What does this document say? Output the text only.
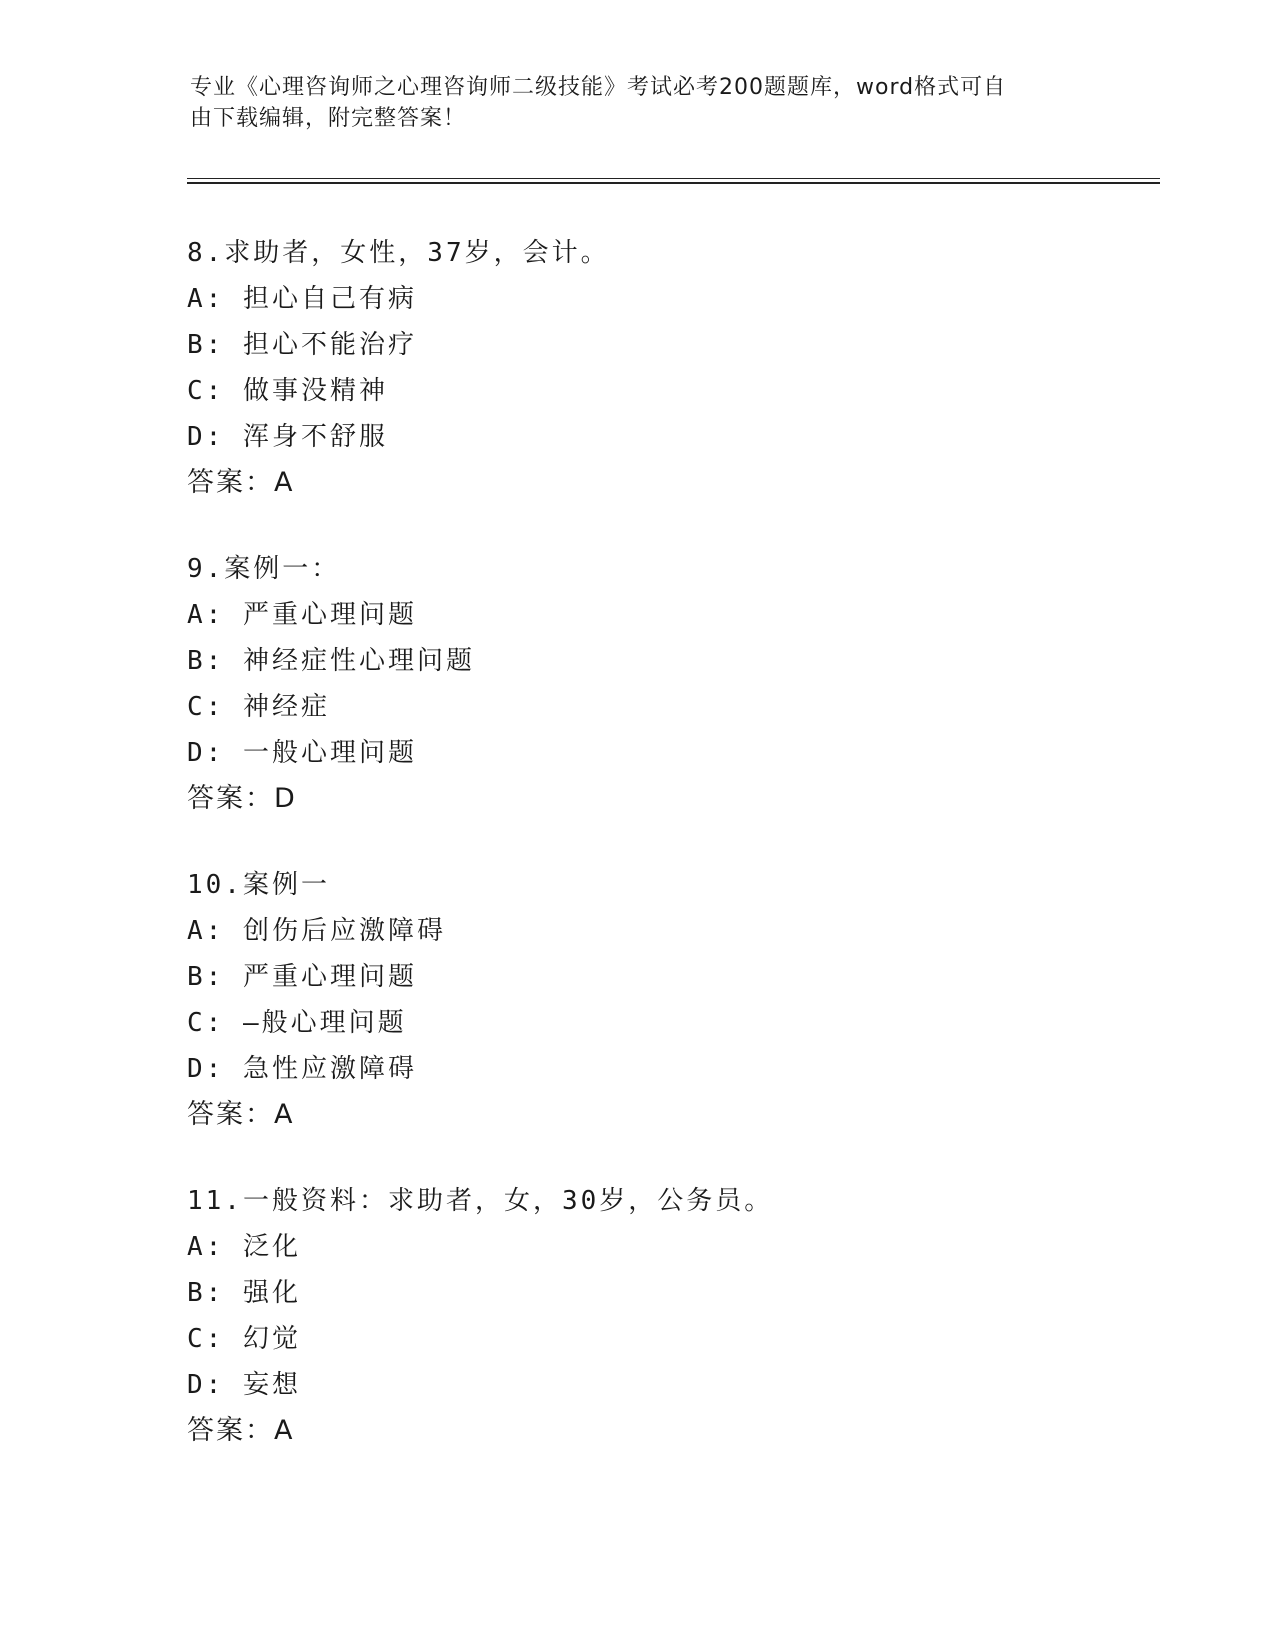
专业《心理咨询师之心理咨询师二级技能》考试必考200题题库，word格式可自
由下载编辑，附完整答案！
8.求助者，女性，37岁，会计。
A: 担心自己有病
B: 担心不能治疗
C: 做事没精神
D: 浑身不舒服
答案：A
9.案例一：
A: 严重心理问题
B: 神经症性心理问题
C: 神经症
D: 一般心理问题
答案：D
10.案例一
A: 创伤后应激障碍
B: 严重心理问题
C: —般心理问题
D: 急性应激障碍
答案：A
11.一般资料：求助者，女，30岁，公务员。
A: 泛化
B: 强化
C: 幻觉
D: 妄想
答案：A
